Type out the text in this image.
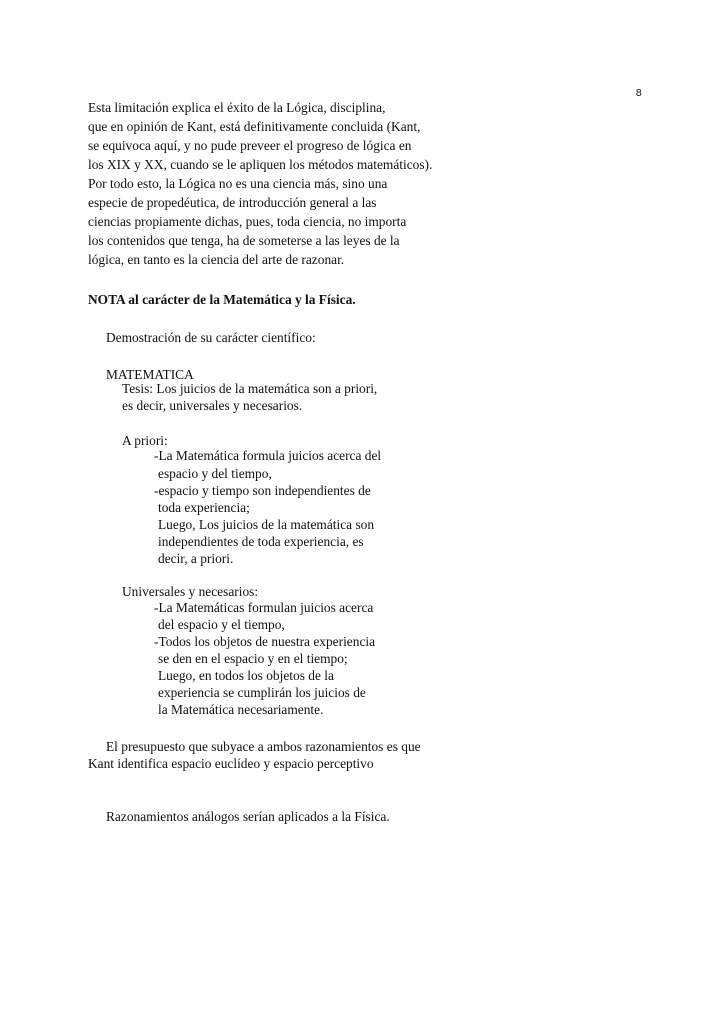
8
Esta limitación explica el éxito de la Lógica, disciplina,
que en opinión de Kant, está definitivamente concluida (Kant,
se equivoca aquí, y no pude preveer el progreso de lógica en
los XIX y XX, cuando se le apliquen los métodos matemáticos).
Por todo esto, la Lógica no es una ciencia más, sino una
especie de propedéutica, de introducción general a las
ciencias propiamente dichas, pues, toda ciencia, no importa
los contenidos que tenga, ha de someterse a las leyes de la
lógica, en tanto es la ciencia del arte de razonar.
NOTA al carácter de la Matemática y la Física.
Demostración de su carácter científico:
MATEMATICA
Tesis: Los juicios de la matemática son a priori,
es decir, universales y necesarios.
A priori:
-La Matemática formula juicios acerca del
espacio y del tiempo,
-espacio y tiempo son independientes de
toda experiencia;
Luego, Los juicios de la matemática son
independientes de toda experiencia, es
decir, a priori.
Universales y necesarios:
-La Matemáticas formulan juicios acerca
del espacio y el tiempo,
-Todos los objetos de nuestra experiencia
se den en el espacio y en el tiempo;
Luego, en todos los objetos de la
experiencia se cumplirán los juicios de
la Matemática necesariamente.
El presupuesto que subyace a ambos razonamientos es que
Kant identifica espacio euclídeo y espacio perceptivo
Razonamientos análogos serían aplicados a la Física.
